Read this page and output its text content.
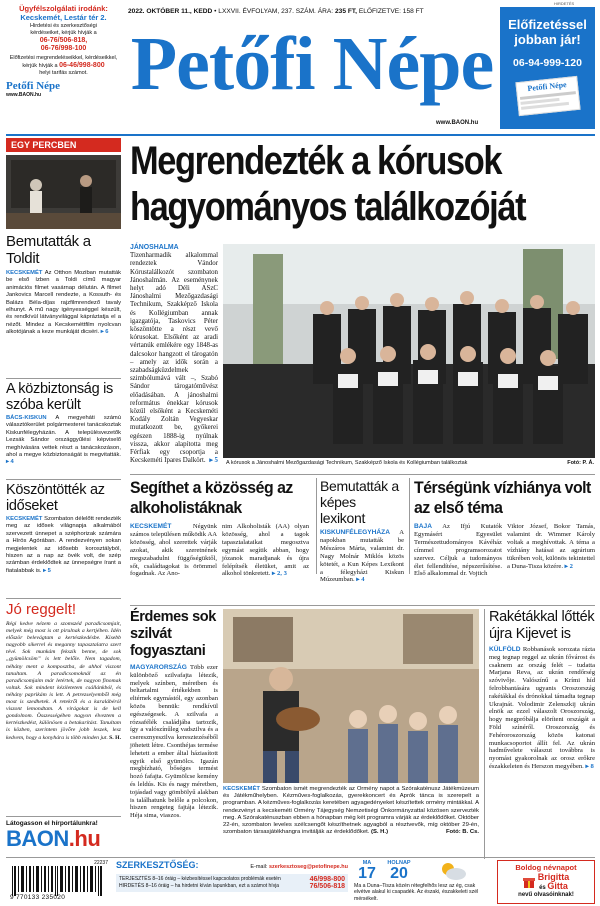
Ügyfélszolgálati irodánk:
Kecskemét, Lestár tér 2.
Hirdetési és szerkesztőségi
kérdéseiket, kérjük hívják a
06-76/506-818,
06-76/998-100
Előfizetési megrendeléseikkel, kérdéseikkel,
kérjük hívják a 06-46/998-800
helyi tarifás számot.
Petőfi Népe
www.BAON.hu
2022. OKTÓBER 11., KEDD • LXXVII. ÉVFOLYAM, 237. SZÁM. ÁRA: 235 FT, ELŐFIZETVE: 158 FT
Petőfi Népe
www.BAON.hu
HIRDETÉS
Előfizetéssel
jobban jár!
06-94-999-120
Petőfi Népe
EGY PERCBEN
Bemutatták a Toldit
KECSKEMÉT Az Otthon Moziban mutatták be első ízben a Toldi című magyar animációs filmet vasárnap délután. A filmet Jankovics Marcell rendezte, a Kossuth- és Balázs Béla-díjas rajzfilmrendező tavaly elhunyt. A mű nagy igényességgel készült, és rendkívül látványvilággal kápráztatja el a nézőt. Mindez a Kecskeméttfilm nyolcvan alkotójának a keze munkáját dicséri. ▸ 6
A közbiztonság is szóba került
BÁCS-KISKUN A megyeháti számú választókerület polgármesterei tanácskoztak Kiskunfélegyházán. A településvezetők Lezsák Sándor országgyűlési képviselő meghívására vettek részt a tanácskozáson, ahol a megye közbiztonságát is megvitatták. ▸ 4
Köszöntötték az időseket
KECSKEMÉT Szombaton délelőtt rendezték meg az idősek világnapja alkalmából szervezett ünnepet a széphorizak számára a Hírös Agórában. A rendezvényen sokan megjelentek az idősebb korosztályból, hiszen az a nap az övék volt, de szép számban érdeklődtek az ünnepségre írant a fiatalabbak is. ▸ 5
Jó reggelt!
Régi kedve nézem a szomszéd paradicsomjait, melyek még most is ott pirulnak a kertjében. Idén először belevágtam a kertészkedésbe. Kisebb nagyobb sikerrel és meganny tapasztalatra szert tévé. Sok munkám fekszik benne, de sok „gyümölcsöm” is lett belőle. Nem tagadom, néhány ment a komposztba, de ahhol viszont tanultam. A paradicsomoknál az én paradicsomjaim már letértek, de nagyon finomak voltak. Sok mindent kéziletetem csállánkból, és néhány paprikám is lett. A petrezselyemből még most is szedhetek. A retekről és a karalábéról viszont lemondtam. A virágokat is de kell gondolnom. Összességében nagyon élveztem a kertészkedést, különösen a betakarítást. Tanultam is közben, szerintem jövőre jobb leszek, lesz kedvem, hogy a konyhára is több minden jut. S. H.
Látogasson el hírportálunkra!
BAON.hu
Megrendezték a kórusok hagyományos találkozóját
JÁNOSHALMA Tizenharmadik alkalommal rendeztek Vándor Kórustalálkozót szombaton Jánoshalmán. Az eseménynek helyt adó Déli ASzC Jánoshalmi Mezőgazdasági Technikum, Szakképző Iskola és Kollégiumban annak igazgatója, Taskovics Péter köszöntötte a részt vevő kórusokat. Elsőként az aradi vértanúk emlékére egy 1848-as dalcsokor hangzott el tárogatón – amely az idők során a szabadságküzdelmek szimbólumává vált –, Szabó Sándor tárogatóművész előadásában. A jánoshalmi református énekkar kórusok közül elsőként a Kecskeméti Kodály Zoltán Vegyeskar mutatkozott be, győkerei egészen 1888-ig nyúlnak vissza, akkor alapította meg Férfiak egy csoportja a Kecskeméti Ipares Dalkört. ▸ 5 A kórusok a Jánoshalmi Mezőgazdasági Technikum, Szakképző Iskola és Kollégiumban találkoztak	Fotó: P. Á.
Segíthet a közösség az alkoholistáknak
KECSKEMÉT	Négyünk számos településen működik AA közösség, ahol szerettek várják azokat, akik szeretnének megszabadulni függőségüktől, sőt, családtagokat is örömmel fogadnak. Az Ano-
nim Alkoholisták (AA) olyan közösség, ahol a tagok tapasztalataikat megosztva egymást segítik abban, hogy józanok maradjanak és újra felépítsék életüket, amit az alkohol tönkretett. ▸ 2, 3
Bemutatták a képes lexikont
KISKUNFÉLEGYHÁZA A napokban mutatták be Mészáros Márta, valamint dr. Nagy Molnár Miklós közös kötetét, a Kun Képes Lexikont a félegyházi Kiskun Múzeumban. ▸ 4
Térségünk vízhiánya volt az első téma
BAJA Az Ifjú Kutatók Egymásért Egyesület Természettudományos Kávéház címmel programsorozatot szervez. Céljuk a tudományos élet fellendítése, népszerűsítése. Első alkalommal dr. Vojtich
Viktor József, Bokor Tamás, valamint dr. Wimmer Károly voltak a meghívottak. A téma a vízhiány hatásai az agrárium tükrében volt, különös tekintettel a Duna-Tisza közére. ▸ 2
Érdemes sok szilvát fogyasztani
MAGYARORSZÁG Több ezer különböző szilvafajta létezik, melyek színben, méretben és beltartalmi értékekben is eltérnek egymástól, egy azonban közös bennük: rendkívül egészségesek. A szilvafa a rózsafélék családjába tartozik, így a valószínűleg vadszilva és a cseresznyeszilva keresztezéséből jöhetett létre. Csonthéjas termése lehetett a ember által háziasított egyik első gyümölcs. Igazán megbízható, bőséges termést hozó fafajta. Gyümölcse kemény és leldús. Kis és nagy méretben, tojásdad vagy gömbölyű alakban is találhatunk belőle a polcokon, hiszen rengeteg fajtája létezik. Héja sima, viaszos.
KECSKEMÉT Szombaton ismét megrendezték az Ormény napot a Szórakaténusz Játékmúzeum és Játékműhelyben. Kézműves-foglalkozás, gyerekkoncert és Aprók tánca is szerepelt a programban. A kézműves-foglalkozás keretében agyagedényeket készítettek ormény mintákkal. A rendezvényt a kecskeméti Ormény Tájegység Nemzetiségi Önkormányzattal közösen szervezték meg. A Szórakaténuszban ebben a hónapban még két programra várják az érdeklődőket. Október 22-én, szombaton leveles szélcsengőt készíthetnek agyagból a résztvevők, míg október 29-én, szombaton társasjátékhangra invitálják az érdeklődőket. (S. H.)	Fotó: B. Cs.
Rakétákkal lőtték újra Kijevet is
KÜLFÖLD Robbanások sorozata rázta meg tegnap reggel az ukrán fővárost és csaknem az ország felét – tudatta Marjana Reva, az ukrán rendőrség szóvivője. Valószínű a Krími híd felrobbantására ugyanis Oroszország rakétákkal és drónokkal támadta tegnap Ukrajnát. Volodimir Zelenszkij ukrán elnök az ezzel válaszolt Oroszország, hogy megpróbálja elöríteni országát a Föld színéről. Oroszország és Fehéroroszország közös katonai munkacsoportot állít fel. Az ukrán hadművelete válaszut továbbra is nyomást gyakorolnak az orosz erőkre északkeleten és Herszon megyében. ▸ 8
22237
9 770133 235020
SZERKESZTŐSÉG:	E-mail: szerkesztoseg@petofinepe.hu
TERJESZTÉS 8–16 óráig – kézbesítéssel kapcsolatos problémák esetén	46/998-800
HIRDETÉS 8–16 óráig – ha hirdetni kíván lapunkban, ezt a számot hívja	76/506-818
MA
17
HOLNAP
20
Ma a Duna–Tisza közén rétegfelhős lesz az ég, csak elvétve alakul ki csapadék. Az északi, északkeleti szél mérsékelt.
Boldog névnapot
Brigitta
és Gitta
nevű olvasóinknak!
